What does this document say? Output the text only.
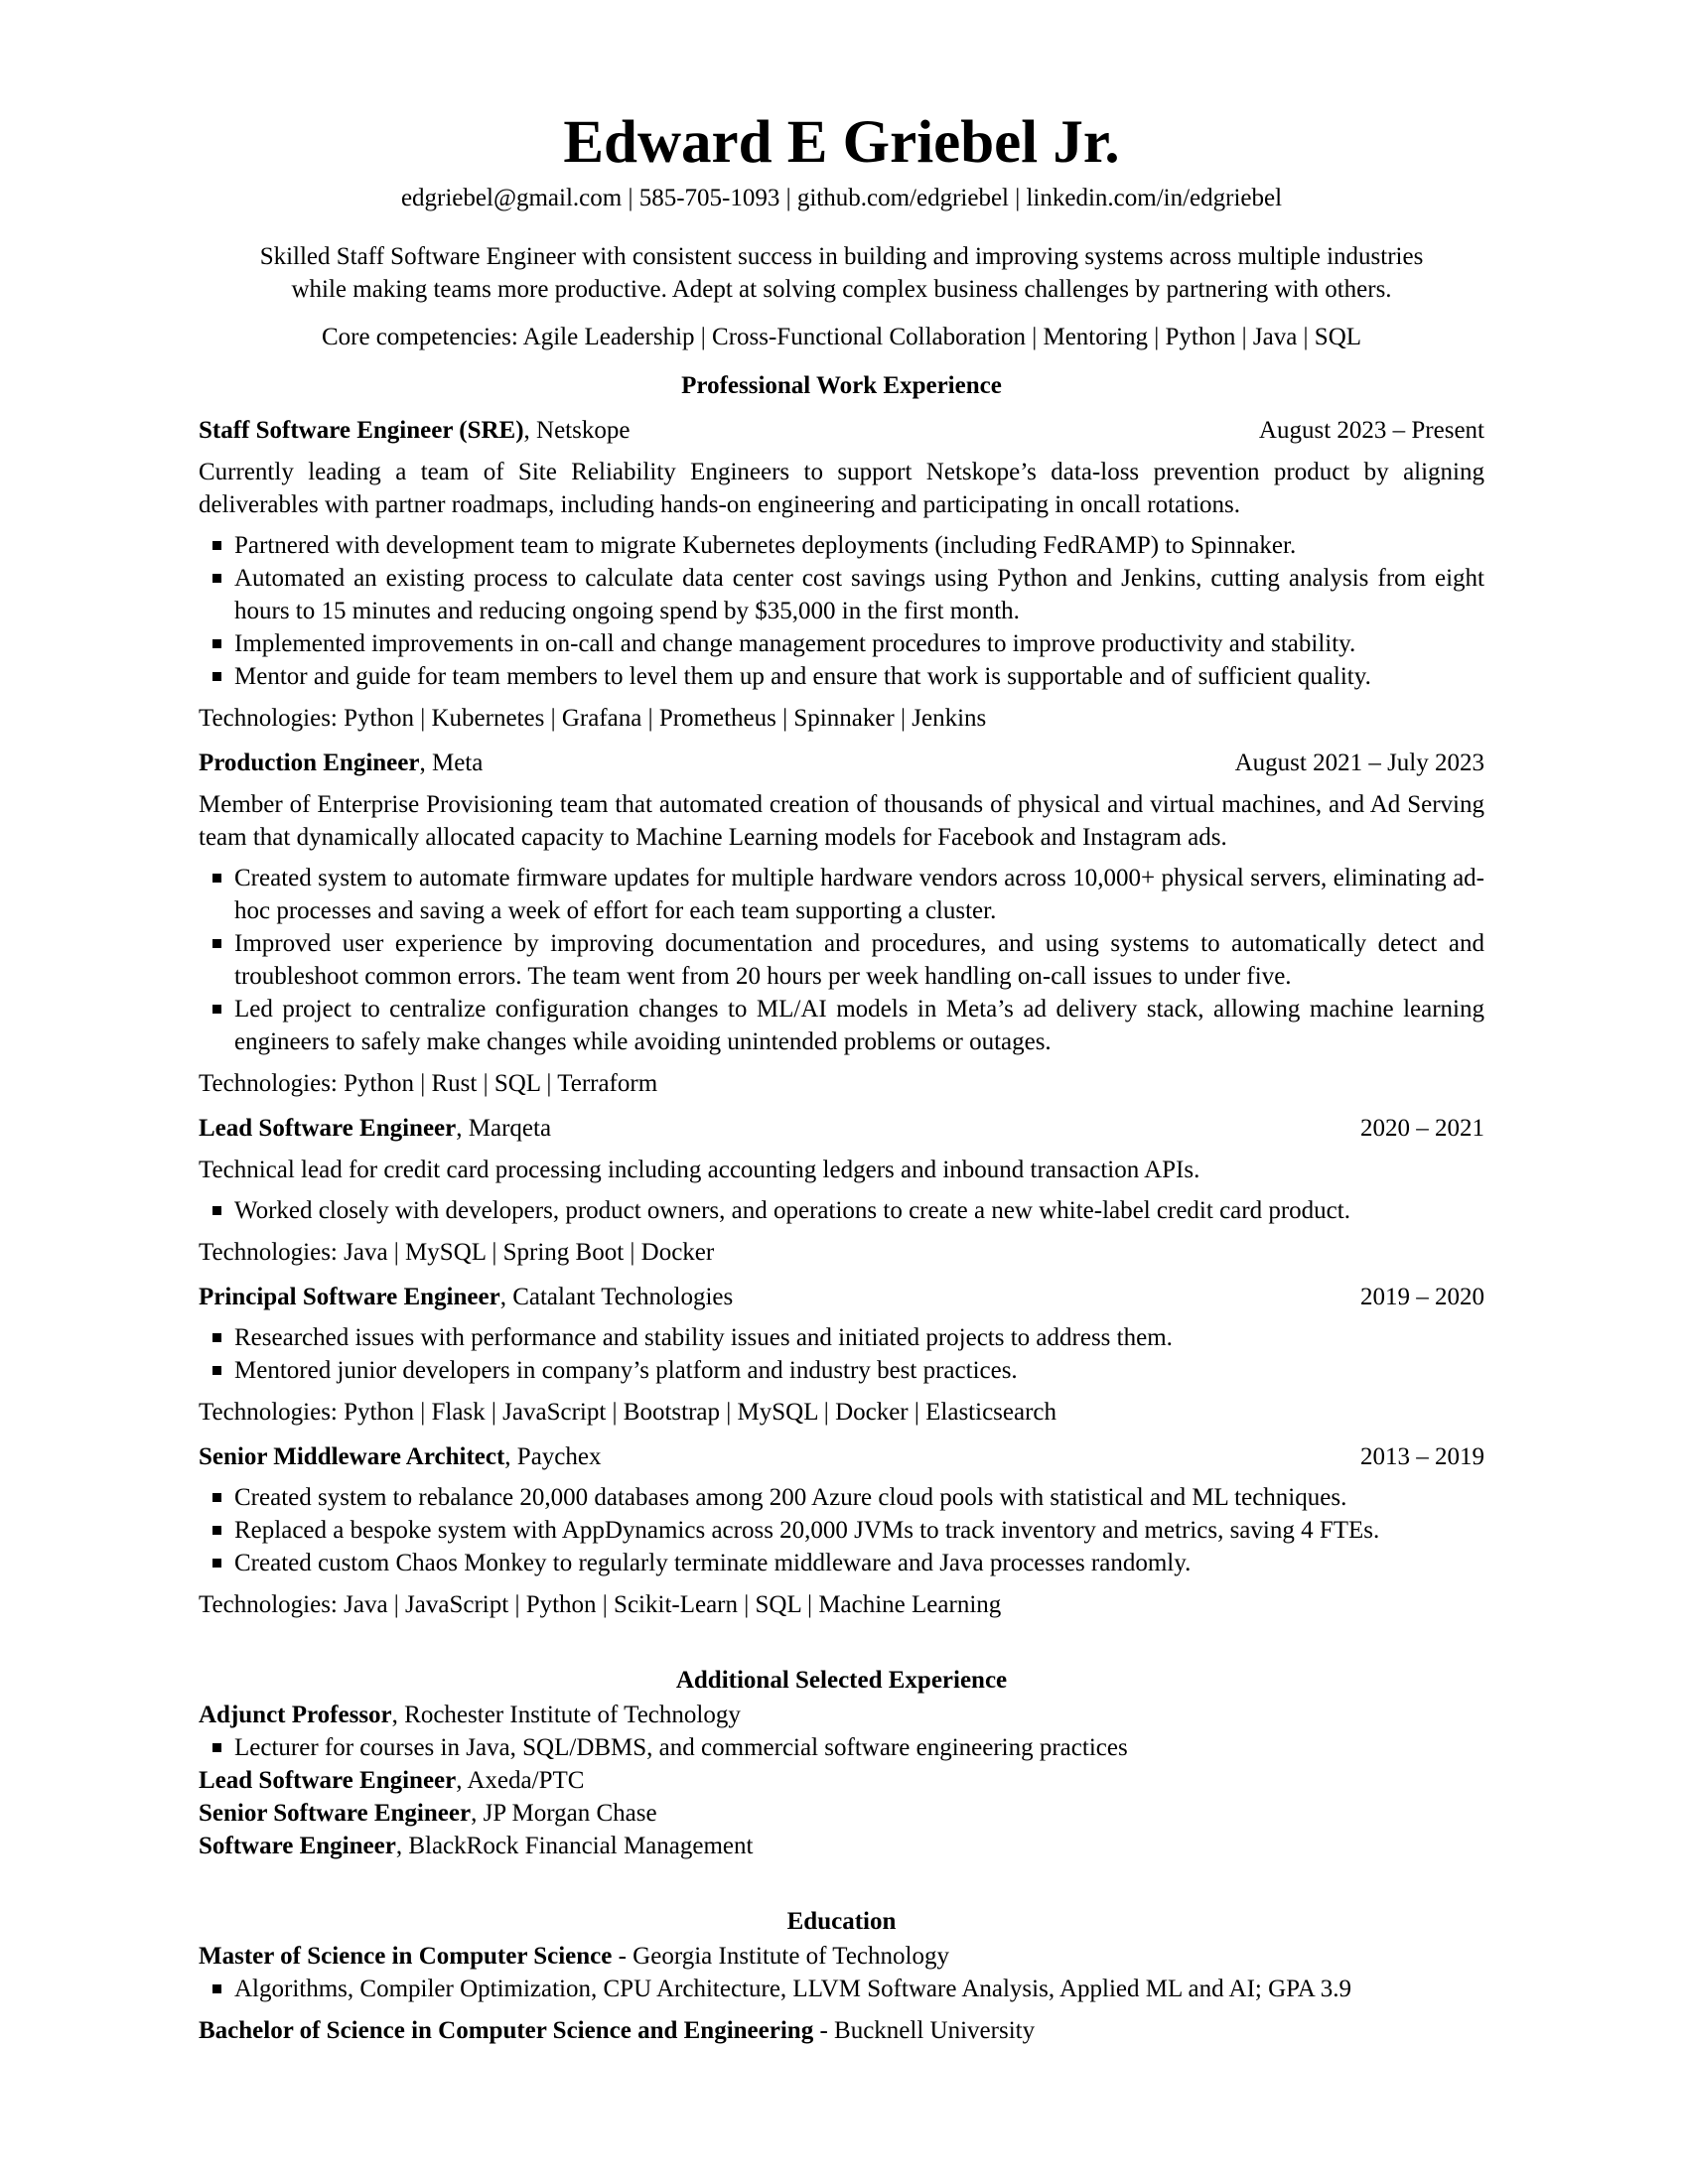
Edward E Griebel Jr.
edgriebel@gmail.com | 585-705-1093 | github.com/edgriebel | linkedin.com/in/edgriebel
Skilled Staff Software Engineer with consistent success in building and improving systems across multiple industries
while making teams more productive. Adept at solving complex business challenges by partnering with others.
Core competencies: Agile Leadership | Cross-Functional Collaboration | Mentoring | Python | Java | SQL
Professional Work Experience
Staff Software Engineer (SRE), Netskope	August 2023 – Present
Currently leading a team of Site Reliability Engineers to support Netskope’s data-loss prevention product by aligning deliverables with partner roadmaps, including hands-on engineering and participating in oncall rotations.
Partnered with development team to migrate Kubernetes deployments (including FedRAMP) to Spinnaker.
Automated an existing process to calculate data center cost savings using Python and Jenkins, cutting analysis from eight hours to 15 minutes and reducing ongoing spend by $35,000 in the first month.
Implemented improvements in on-call and change management procedures to improve productivity and stability.
Mentor and guide for team members to level them up and ensure that work is supportable and of sufficient quality.
Technologies: Python | Kubernetes | Grafana | Prometheus | Spinnaker | Jenkins
Production Engineer, Meta	August 2021 – July 2023
Member of Enterprise Provisioning team that automated creation of thousands of physical and virtual machines, and Ad Serving team that dynamically allocated capacity to Machine Learning models for Facebook and Instagram ads.
Created system to automate firmware updates for multiple hardware vendors across 10,000+ physical servers, eliminating ad-hoc processes and saving a week of effort for each team supporting a cluster.
Improved user experience by improving documentation and procedures, and using systems to automatically detect and troubleshoot common errors. The team went from 20 hours per week handling on-call issues to under five.
Led project to centralize configuration changes to ML/AI models in Meta’s ad delivery stack, allowing machine learning engineers to safely make changes while avoiding unintended problems or outages.
Technologies: Python | Rust | SQL | Terraform
Lead Software Engineer, Marqeta	2020 – 2021
Technical lead for credit card processing including accounting ledgers and inbound transaction APIs.
Worked closely with developers, product owners, and operations to create a new white-label credit card product.
Technologies: Java | MySQL | Spring Boot | Docker
Principal Software Engineer, Catalant Technologies	2019 – 2020
Researched issues with performance and stability issues and initiated projects to address them.
Mentored junior developers in company’s platform and industry best practices.
Technologies: Python | Flask | JavaScript | Bootstrap | MySQL | Docker | Elasticsearch
Senior Middleware Architect, Paychex	2013 – 2019
Created system to rebalance 20,000 databases among 200 Azure cloud pools with statistical and ML techniques.
Replaced a bespoke system with AppDynamics across 20,000 JVMs to track inventory and metrics, saving 4 FTEs.
Created custom Chaos Monkey to regularly terminate middleware and Java processes randomly.
Technologies: Java | JavaScript | Python | Scikit-Learn | SQL | Machine Learning
Additional Selected Experience
Adjunct Professor, Rochester Institute of Technology
Lecturer for courses in Java, SQL/DBMS, and commercial software engineering practices
Lead Software Engineer, Axeda/PTC
Senior Software Engineer, JP Morgan Chase
Software Engineer, BlackRock Financial Management
Education
Master of Science in Computer Science - Georgia Institute of Technology
Algorithms, Compiler Optimization, CPU Architecture, LLVM Software Analysis, Applied ML and AI; GPA 3.9
Bachelor of Science in Computer Science and Engineering - Bucknell University
